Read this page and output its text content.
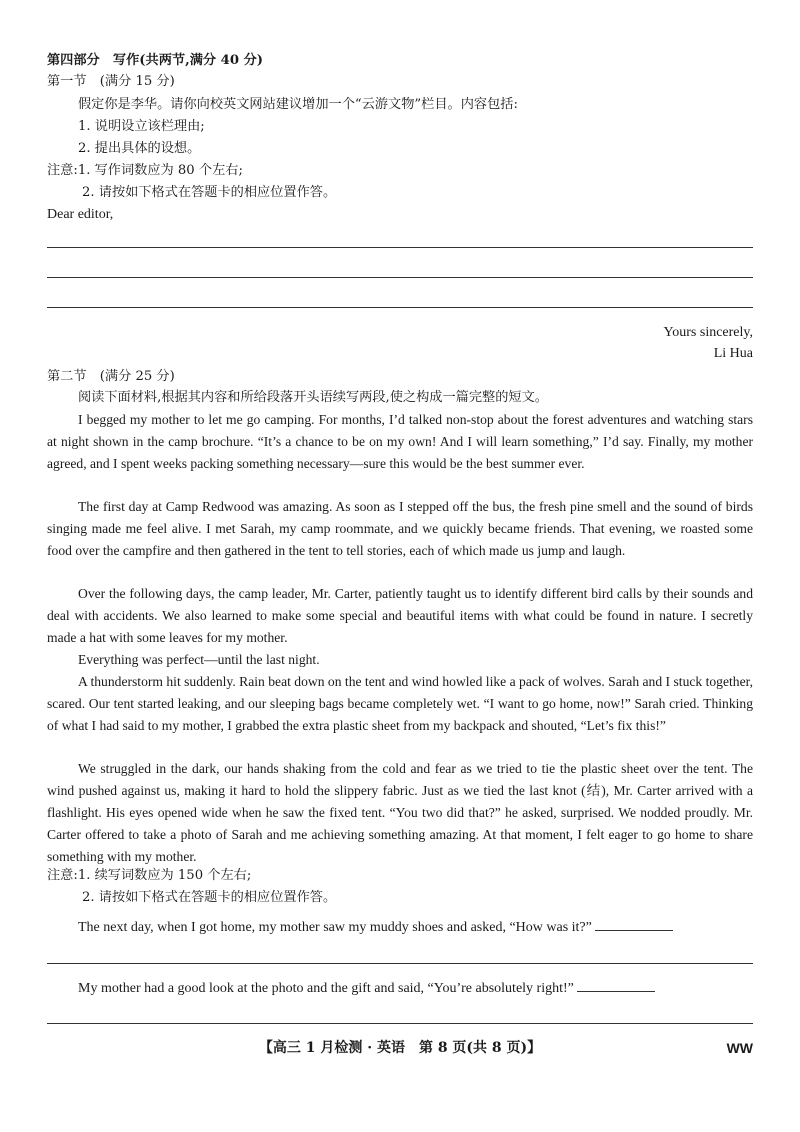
第四部分　写作(共两节,满分 40 分)
第一节　(满分 15 分)
假定你是李华。请你向校英文网站建议增加一个“云游文物”栏目。内容包括:
1. 说明设立该栏理由;
2. 提出具体的设想。
注意:1. 写作词数应为 80 个左右;
2. 请按如下格式在答题卡的相应位置作答。
Dear editor,
Yours sincerely,
Li Hua
第二节　(满分 25 分)
阅读下面材料,根据其内容和所给段落开头语续写两段,使之构成一篇完整的短文。
I begged my mother to let me go camping. For months, I’d talked non-stop about the forest adventures and watching stars at night shown in the camp brochure. “It’s a chance to be on my own! And I will learn something,” I’d say. Finally, my mother agreed, and I spent weeks packing something necessary—sure this would be the best summer ever.
The first day at Camp Redwood was amazing. As soon as I stepped off the bus, the fresh pine smell and the sound of birds singing made me feel alive. I met Sarah, my camp roommate, and we quickly became friends. That evening, we roasted some food over the campfire and then gathered in the tent to tell stories, each of which made us jump and laugh.
Over the following days, the camp leader, Mr. Carter, patiently taught us to identify different bird calls by their sounds and deal with accidents. We also learned to make some special and beautiful items with what could be found in nature. I secretly made a hat with some leaves for my mother.
Everything was perfect—until the last night.
A thunderstorm hit suddenly. Rain beat down on the tent and wind howled like a pack of wolves. Sarah and I stuck together, scared. Our tent started leaking, and our sleeping bags became completely wet. “I want to go home, now!” Sarah cried. Thinking of what I had said to my mother, I grabbed the extra plastic sheet from my backpack and shouted, “Let’s fix this!”
We struggled in the dark, our hands shaking from the cold and fear as we tried to tie the plastic sheet over the tent. The wind pushed against us, making it hard to hold the slippery fabric. Just as we tied the last knot (结), Mr. Carter arrived with a flashlight. His eyes opened wide when he saw the fixed tent. “You two did that?” he asked, surprised. We nodded proudly. Mr. Carter offered to take a photo of Sarah and me achieving something amazing. At that moment, I felt eager to go home to share something with my mother.
注意:1. 续写词数应为 150 个左右;
2. 请按如下格式在答题卡的相应位置作答。
The next day, when I got home, my mother saw my muddy shoes and asked, “How was it?”
My mother had a good look at the photo and the gift and said, “You’re absolutely right!”
【高三 1 月检测 · 英语　第 8 页(共 8 页)】	WW
